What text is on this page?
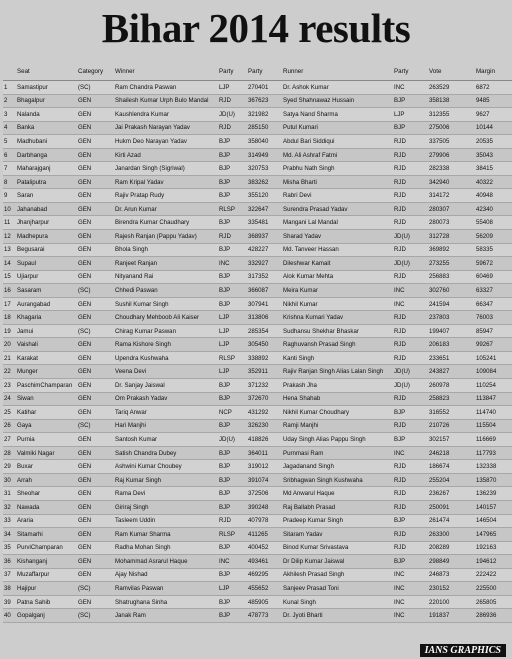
Bihar 2014 results
	Seat	Category	Winner	Party	Party	Runner	Party	Vote	Margin
1	Samastipur	(SC)	Ram Chandra Paswan	LJP	270401	Dr. Ashok Kumar	INC	263529	6872
2	Bhagalpur	GEN	Shailesh Kumar Urph Bulo Mandal	RJD	367623	Syed Shahnawaz Hussain	BJP	358138	9485
3	Nalanda	GEN	Kaushlendra Kumar	JD(U)	321982	Satya Nand Sharma	LJP	312355	9627
4	Banka	GEN	Jai Prakash Narayan Yadav	RJD	285150	Putul Kumari	BJP	275006	10144
5	Madhubani	GEN	Hukm Deo Narayan Yadav	BJP	358040	Abdul Bari Siddiqui	RJD	337505	20535
6	Darbhanga	GEN	Kirti Azad	BJP	314949	Md. Ali Ashraf Fatmi	RJD	279906	35043
7	Maharajganj	GEN	Janardan Singh (Sigriwal)	BJP	320753	Prabhu Nath Singh	RJD	282338	38415
8	Pataliputra	GEN	Ram Kripal Yadav	BJP	383262	Misha Bharti	RJD	342940	40322
9	Saran	GEN	Rajiv Pratap Rudy	BJP	355120	Rabri Devi	RJD	314172	40948
10	Jahanabad	GEN	Dr. Arun Kumar	RLSP	322647	Surendra Prasad Yadav	RJD	280307	42340
11	Jhanjharpur	GEN	Birendra Kumar Chaudhary	BJP	335481	Mangani Lal Mandal	RJD	280073	55408
12	Madhepura	GEN	Rajesh Ranjan (Pappu Yadav)	RJD	368937	Sharad Yadav	JD(U)	312728	56209
13	Begusarai	GEN	Bhola Singh	BJP	428227	Md. Tanveer Hassan	RJD	369892	58335
14	Supaul	GEN	Ranjeet Ranjan	INC	332927	Dileshwar Kamait	JD(U)	273255	59672
15	Ujiarpur	GEN	Nityanand Rai	BJP	317352	Alok Kumar Mehta	RJD	256883	60469
16	Sasaram	(SC)	Chhedi Paswan	BJP	366087	Meira Kumar	INC	302760	63327
17	Aurangabad	GEN	Sushil Kumar Singh	BJP	307941	Nikhil Kumar	INC	241594	66347
18	Khagaria	GEN	Choudhary Mehboob Ali Kaiser	LJP	313806	Krishna Kumari Yadav	RJD	237803	76003
19	Jamui	(SC)	Chirag Kumar Paswan	LJP	285354	Sudhansu Shekhar Bhaskar	RJD	199407	85947
20	Vaishali	GEN	Rama Kishore Singh	LJP	305450	Raghuvansh Prasad Singh	RJD	206183	99267
21	Karakat	GEN	Upendra Kushwaha	RLSP	338892	Kanti Singh	RJD	233651	105241
22	Munger	GEN	Veena Devi	LJP	352911	Rajiv Ranjan Singh Alias Lalan Singh	JD(U)	243827	109084
23	PaschimChamparan	GEN	Dr. Sanjay Jaiswal	BJP	371232	Prakash Jha	JD(U)	260978	110254
24	Siwan	GEN	Om Prakash Yadav	BJP	372670	Hena Shahab	RJD	258823	113847
25	Katihar	GEN	Tariq Anwar	NCP	431292	Nikhil Kumar Choudhary	BJP	316552	114740
26	Gaya	(SC)	Hari Manjhi	BJP	326230	Ramji Manjhi	RJD	210726	115504
27	Purnia	GEN	Santosh Kumar	JD(U)	418826	Uday Singh Alias Pappu Singh	BJP	302157	116669
28	Valmiki Nagar	GEN	Satish Chandra Dubey	BJP	364011	Purnmasi Ram	INC	246218	117793
29	Buxar	GEN	Ashwini Kumar Choubey	BJP	319012	Jagadanand Singh	RJD	186674	132338
30	Arrah	GEN	Raj Kumar Singh	BJP	391074	Sribhagwan Singh Kushwaha	RJD	255204	135870
31	Sheohar	GEN	Rama Devi	BJP	372506	Md Anwarul Haque	RJD	236267	136239
32	Nawada	GEN	Giriraj Singh	BJP	390248	Raj Ballabh Prasad	RJD	250091	140157
33	Araria	GEN	Tasleem Uddin	RJD	407978	Pradeep Kumar Singh	BJP	261474	146504
34	Sitamarhi	GEN	Ram Kumar Sharma	RLSP	411265	Sitaram Yadav	RJD	263300	147965
35	PurviChamparan	GEN	Radha Mohan Singh	BJP	400452	Binod Kumar Srivastava	RJD	208289	192163
36	Kishanganj	GEN	Mohammad Asrarul Haque	INC	493461	Dr Dilip Kumar Jaiswal	BJP	298849	194612
37	Muzaffarpur	GEN	Ajay Nishad	BJP	469295	Akhilesh Prasad Singh	INC	246873	222422
38	Hajipur	(SC)	Ramvilas Paswan	LJP	455652	Sanjeev Prasad Toni	INC	230152	225500
39	Patna Sahib	GEN	Shatrughana Sinha	BJP	485905	Kunal Singh	INC	220100	265805
40	Gopalganj	(SC)	Janak Ram	BJP	478773	Dr. Jyoti Bharti	INC	191837	286936
IANS GRAPHICS
